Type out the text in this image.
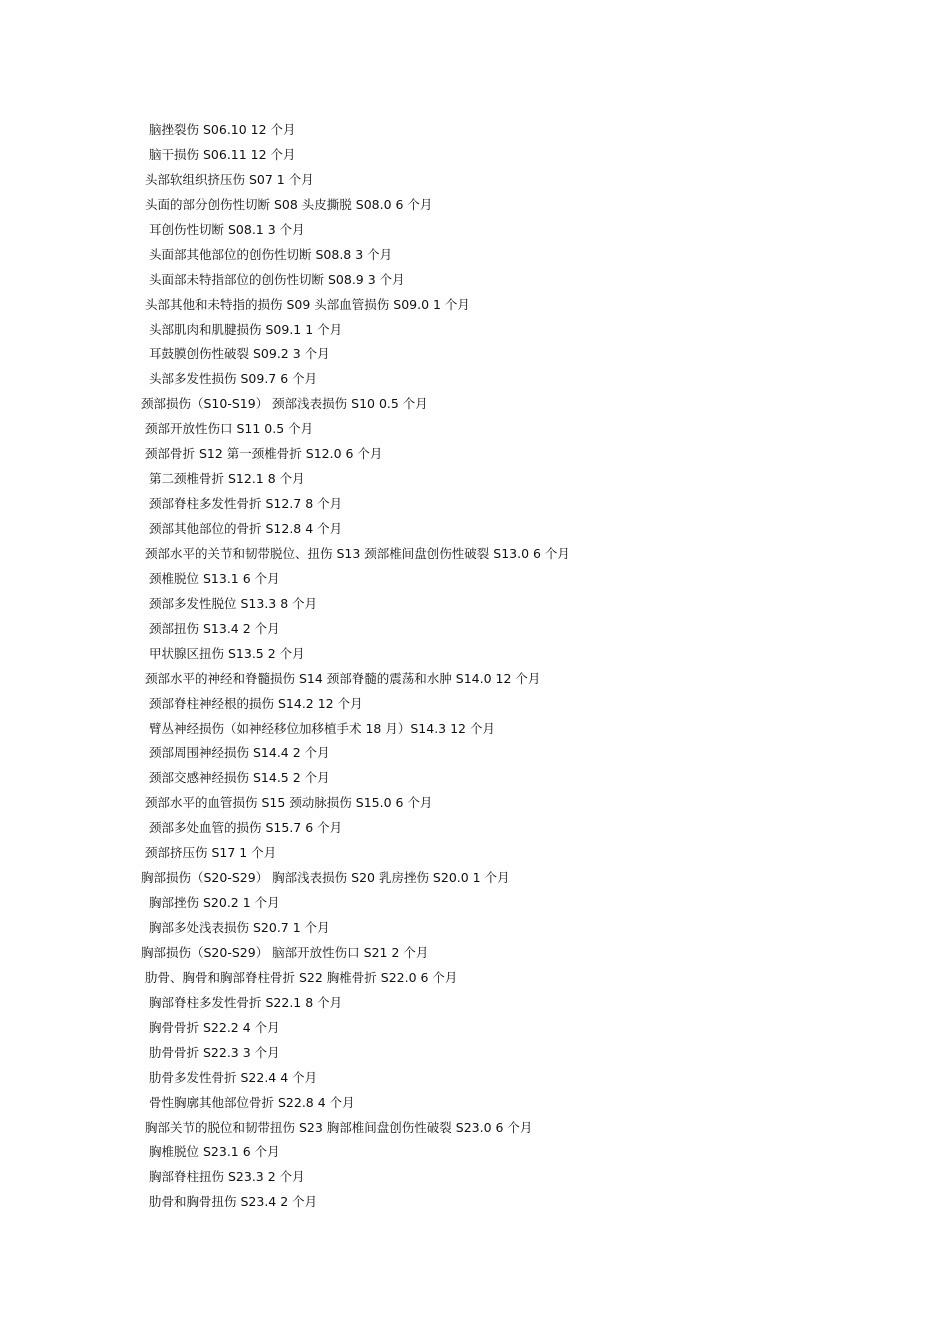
脑挫裂伤 S06.10 12 个月
脑干损伤 S06.11 12 个月
头部软组织挤压伤 S07 1 个月
头面的部分创伤性切断 S08 头皮撕脱 S08.0 6 个月
耳创伤性切断 S08.1 3 个月
头面部其他部位的创伤性切断 S08.8 3 个月
头面部未特指部位的创伤性切断 S08.9 3 个月
头部其他和未特指的损伤 S09 头部血管损伤 S09.0 1 个月
头部肌肉和肌腱损伤 S09.1 1 个月
耳鼓膜创伤性破裂 S09.2 3 个月
头部多发性损伤 S09.7 6 个月
颈部损伤（S10-S19） 颈部浅表损伤 S10 0.5 个月
颈部开放性伤口 S11 0.5 个月
颈部骨折 S12 第一颈椎骨折 S12.0 6 个月
第二颈椎骨折 S12.1 8 个月
颈部脊柱多发性骨折 S12.7 8 个月
颈部其他部位的骨折 S12.8 4 个月
颈部水平的关节和韧带脱位、扭伤 S13 颈部椎间盘创伤性破裂 S13.0 6 个月
颈椎脱位 S13.1 6 个月
颈部多发性脱位 S13.3 8 个月
颈部扭伤 S13.4 2 个月
甲状腺区扭伤 S13.5 2 个月
颈部水平的神经和脊髓损伤 S14 颈部脊髓的震荡和水肿 S14.0 12 个月
颈部脊柱神经根的损伤 S14.2 12 个月
臂丛神经损伤（如神经移位加移植手术 18 月）S14.3 12 个月
颈部周围神经损伤 S14.4 2 个月
颈部交感神经损伤 S14.5 2 个月
颈部水平的血管损伤 S15 颈动脉损伤 S15.0 6 个月
颈部多处血管的损伤 S15.7 6 个月
颈部挤压伤 S17 1 个月
胸部损伤（S20-S29） 胸部浅表损伤 S20 乳房挫伤 S20.0 1 个月
胸部挫伤 S20.2 1 个月
胸部多处浅表损伤 S20.7 1 个月
胸部损伤（S20-S29） 脑部开放性伤口 S21 2 个月
肋骨、胸骨和胸部脊柱骨折 S22 胸椎骨折 S22.0 6 个月
胸部脊柱多发性骨折 S22.1 8 个月
胸骨骨折 S22.2 4 个月
肋骨骨折 S22.3 3 个月
肋骨多发性骨折 S22.4 4 个月
骨性胸廓其他部位骨折 S22.8 4 个月
胸部关节的脱位和韧带扭伤 S23 胸部椎间盘创伤性破裂 S23.0 6 个月
胸椎脱位 S23.1 6 个月
胸部脊柱扭伤 S23.3 2 个月
肋骨和胸骨扭伤 S23.4 2 个月
